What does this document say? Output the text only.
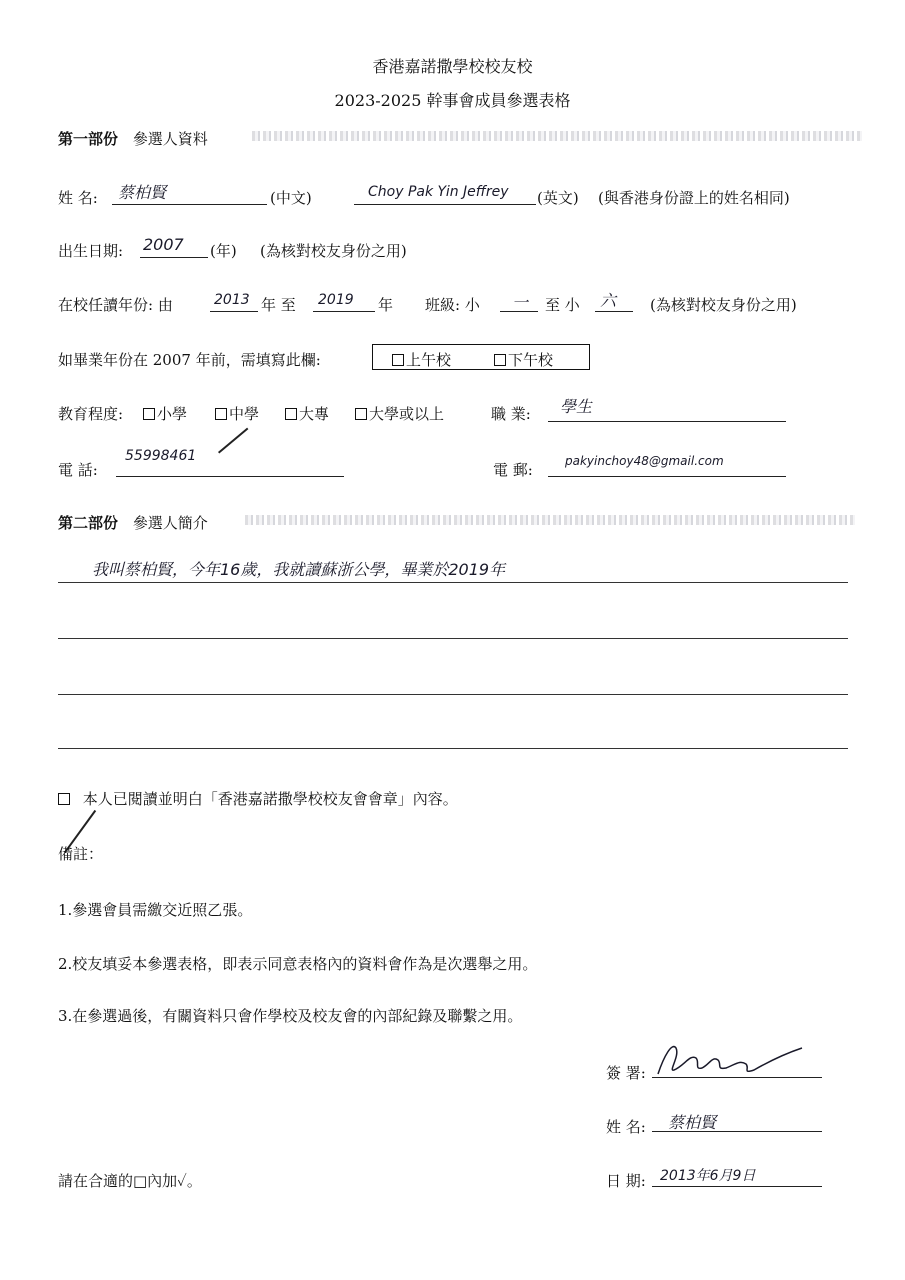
香港嘉諾撒學校校友校
2023-2025 幹事會成員參選表格
第一部份 參選人資料
姓 名: 蔡柏賢	(中文)	Choy Pak Yin Jeffrey (英文) (與香港身份證上的姓名相同)
出生日期: 2007 (年) (為核對校友身份之用)
在校任讀年份: 由	2013 年 至 2019 年 班級: 小 一 至 小 六 (為核對校友身份之用)
如畢業年份在 2007 年前，需填寫此欄:	上午校	下午校
教育程度:	小學	中學	大專	大學或以上	職 業: 學生
電 話:
55998461
電 郵:	pakyinchoy48@gmail.com
第二部份 參選人簡介
我叫蔡柏賢，今年16歲，我就讀蘇浙公學，畢業於2019年
本人已閱讀並明白「香港嘉諾撒學校校友會會章」內容。
備註：
1.參選會員需繳交近照乙張。
2.校友填妥本參選表格，即表示同意表格內的資料會作為是次選舉之用。
3.在參選過後，有關資料只會作學校及校友會的內部紀錄及聯繫之用。
簽 署:
姓 名: 蔡柏賢
請在合適的□內加✓。	日 期: 2013年6月9日
